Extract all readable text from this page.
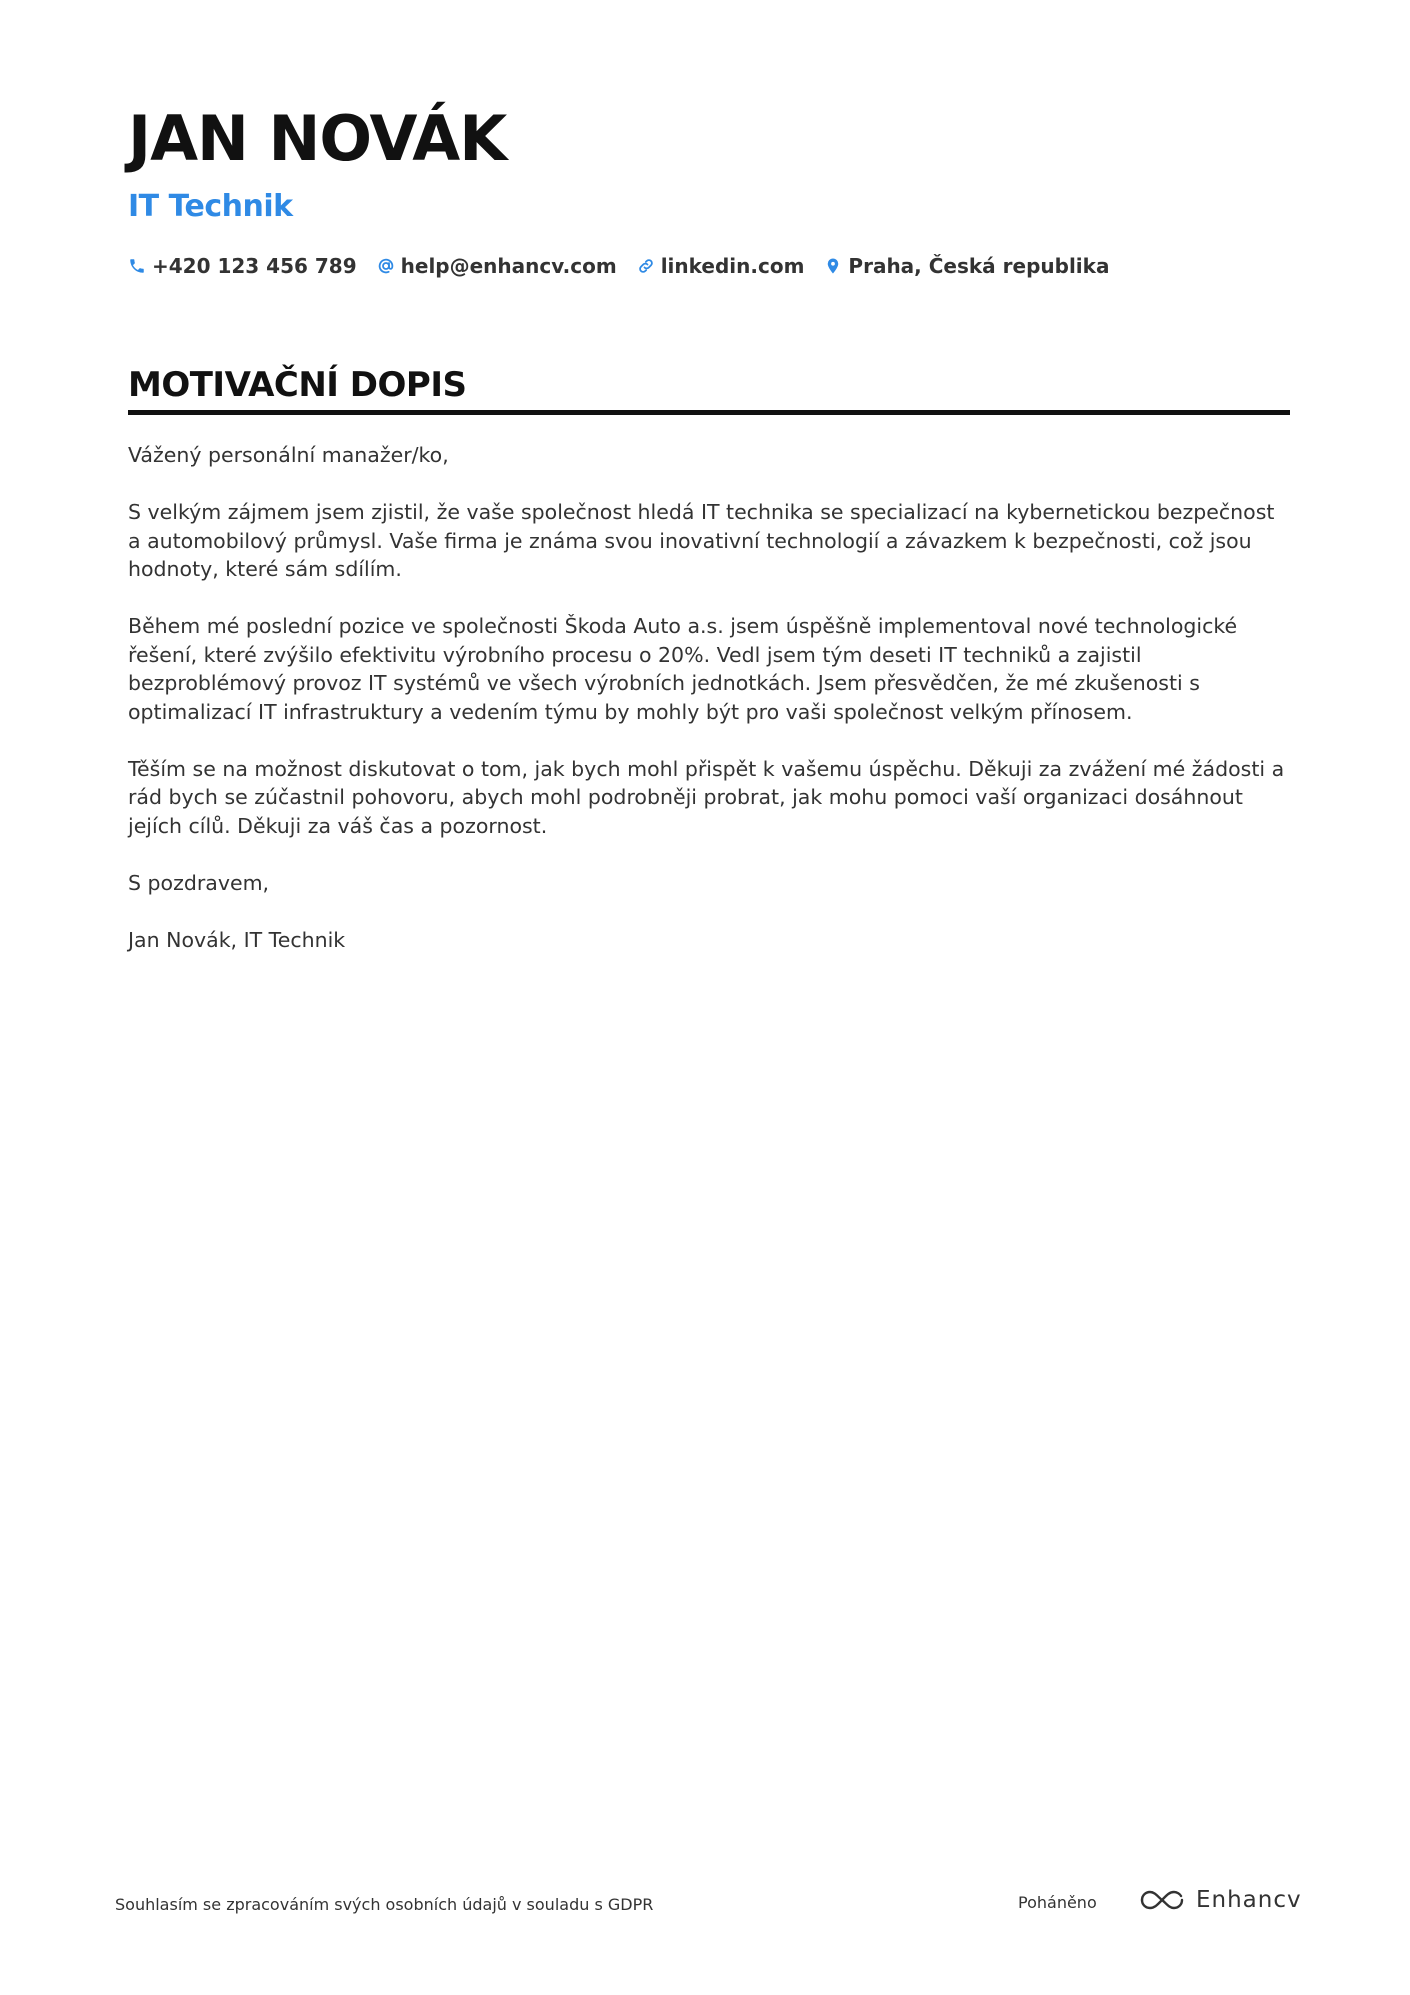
JAN NOVÁK
IT Technik
+420 123 456 789 help@enhancv.com linkedin.com Praha, Česká republika
MOTIVAČNÍ DOPIS

Vážený personální manažer/ko,

S velkým zájmem jsem zjistil, že vaše společnost hledá IT technika se specializací na kybernetickou bezpečnost a automobilový průmysl. Vaše firma je známa svou inovativní technologií a závazkem k bezpečnosti, což jsou hodnoty, které sám sdílím.

Během mé poslední pozice ve společnosti Škoda Auto a.s. jsem úspěšně implementoval nové technologické řešení, které zvýšilo efektivitu výrobního procesu o 20%. Vedl jsem tým deseti IT techniků a zajistil bezproblémový provoz IT systémů ve všech výrobních jednotkách. Jsem přesvědčen, že mé zkušenosti s optimalizací IT infrastruktury a vedením týmu by mohly být pro vaši společnost velkým přínosem.

Těším se na možnost diskutovat o tom, jak bych mohl přispět k vašemu úspěchu. Děkuji za zvážení mé žádosti a rád bych se zúčastnil pohovoru, abych mohl podrobněji probrat, jak mohu pomoci vaší organizaci dosáhnout jejích cílů. Děkuji za váš čas a pozornost.

S pozdravem,

Jan Novák, IT Technik

Souhlasím se zpracováním svých osobních údajů v souladu s GDPR	Poháněno	Enhancv
